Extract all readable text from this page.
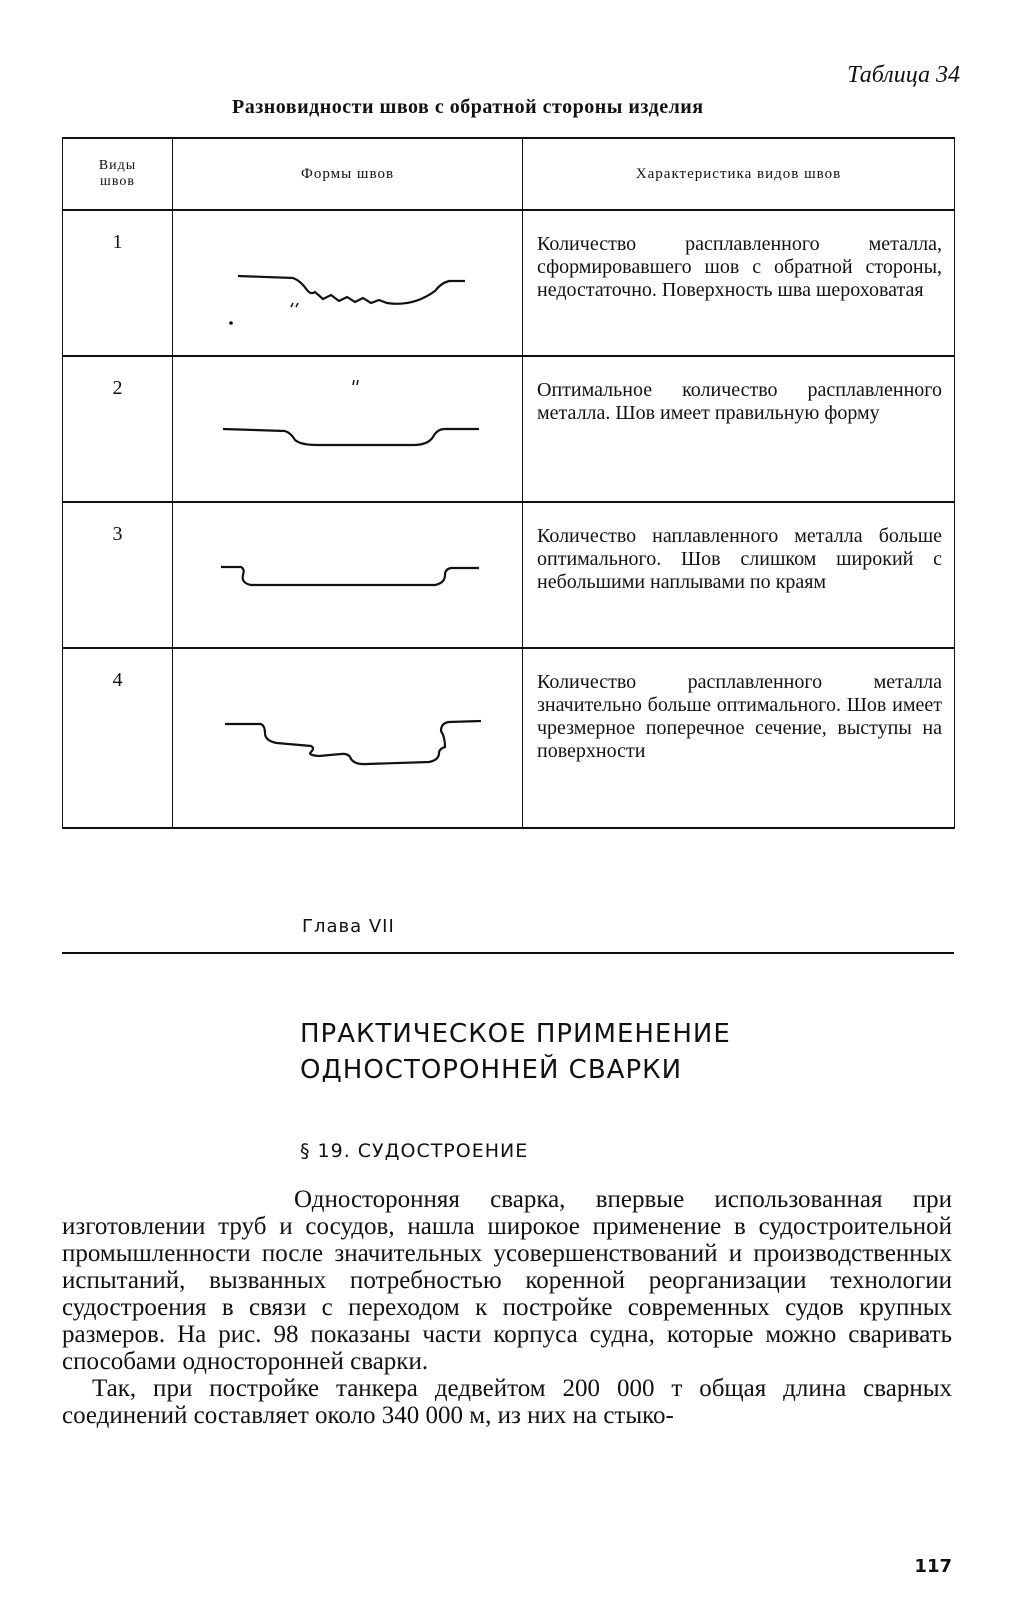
Таблица 34
Разновидности швов с обратной стороны изделия
Виды швов	Формы швов	Характеристика видов швов
1		Количество расплавленного металла, сформировавшего шов с обратной стороны, недостаточно. Поверхность шва шероховатая
2		Оптимальное количество расплавленного металла. Шов имеет правильную форму
3		Количество наплавленного металла больше оптимального. Шов слишком широкий с небольшими наплывами по краям
4		Количество расплавленного металла значительно больше оптимального. Шов имеет чрезмерное поперечное сечение, выступы на поверхности
Глава VII
ПРАКТИЧЕСКОЕ ПРИМЕНЕНИЕ
ОДНОСТОРОННЕЙ СВАРКИ
§ 19. СУДОСТРОЕНИЕ

Односторонняя сварка, впервые использованная при изготовлении труб и сосудов, нашла широкое применение в судостроительной промышленности после значительных усовершенствований и производственных испытаний, вызванных потребностью коренной реорганизации технологии судостроения в связи с переходом к постройке современных судов крупных размеров. На рис. 98 показаны части корпуса судна, которые можно сваривать способами односторонней сварки.

Так, при постройке танкера дедвейтом 200 000 т общая длина сварных соединений составляет около 340 000 м, из них на стыко-

117
